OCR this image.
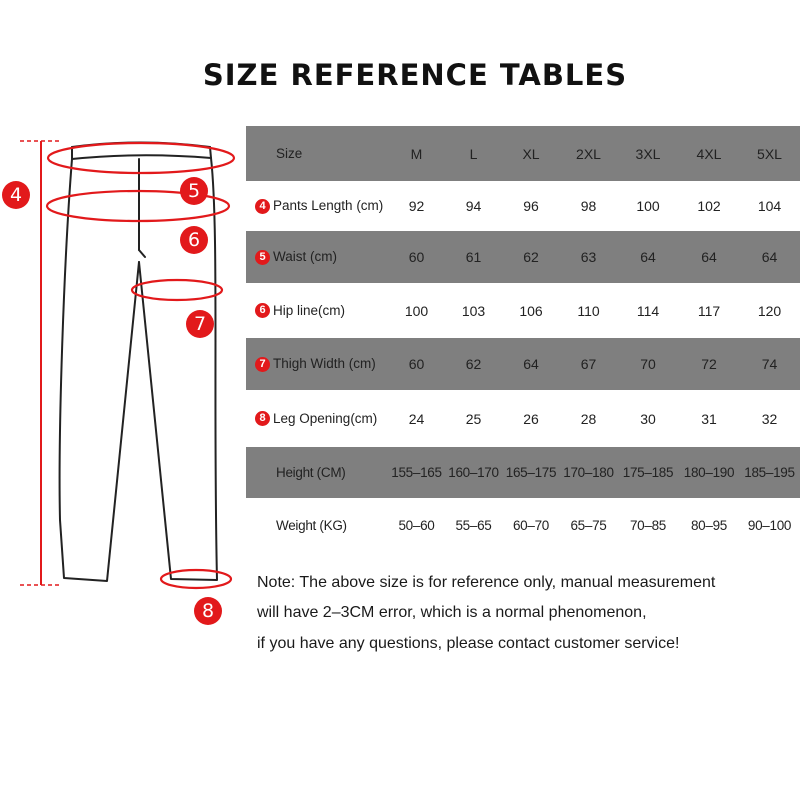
SIZE REFERENCE TABLES
4	5
6
7
8
Size	M	L	XL	2XL	3XL	4XL	5XL
4 Pants Length (cm)	92	94	96	98	100	102	104
5 Waist (cm)	60	61	62	63	64	64	64
6 Hip line(cm)	100	103	106	110	114	117	120
7 Thigh Width (cm)	60	62	64	67	70	72	74
8 Leg Opening(cm)	24	25	26	28	30	31	32
Height (CM)	155–165	160–170	165–175	170–180	175–185	180–190	185–195
Weight (KG)	50–60	55–65	60–70	65–75	70–85	80–95	90–100
Note: The above size is for reference only, manual measurement
will have 2–3CM error, which is a normal phenomenon,
if you have any questions, please contact customer service!
